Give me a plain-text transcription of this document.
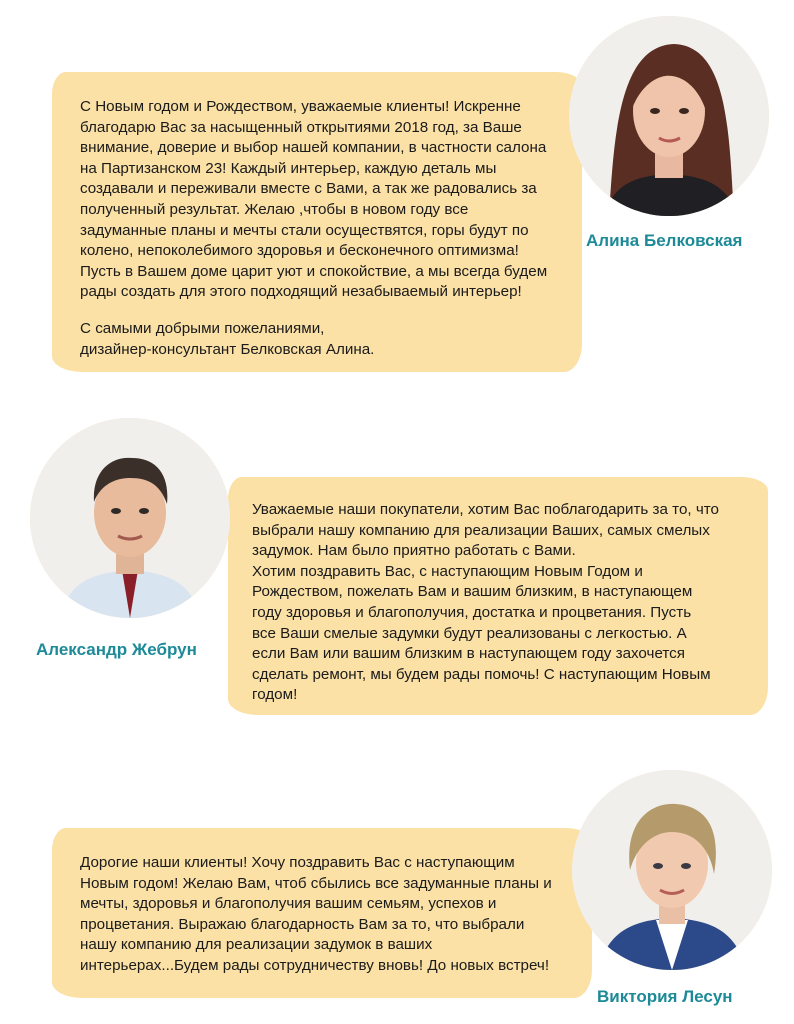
С Новым годом и Рождеством, уважаемые клиенты! Искренне
благодарю Вас за насыщенный открытиями 2018 год, за Ваше
внимание, доверие и выбор нашей компании, в частности салона
на Партизанском 23! Каждый интерьер, каждую деталь мы
создавали и переживали вместе с Вами, а так же радовались за
полученный результат. Желаю ,чтобы в новом году все
задуманные планы и мечты стали осуществятся, горы будут по
колено, непоколебимого здоровья и бесконечного оптимизма!
Пусть в Вашем доме царит уют и спокойствие, а мы всегда будем
рады создать для этого подходящий незабываемый интерьер!
С самыми добрыми пожеланиями,
дизайнер-консультант Белковская Алина.
Алина Белковская
Уважаемые наши покупатели, хотим Вас поблагодарить за то, что
выбрали нашу компанию для реализации Ваших, самых смелых
задумок. Нам было приятно работать с Вами.
Хотим поздравить Вас, с наступающим Новым Годом и
Рождеством, пожелать Вам и вашим близким, в наступающем
году здоровья и благополучия, достатка и процветания. Пусть
все Ваши смелые задумки будут реализованы с легкостью. А
если Вам или вашим близким в наступающем году захочется
сделать ремонт, мы будем рады помочь! С наступающим Новым
годом!
Александр Жебрун
Дорогие наши клиенты! Хочу поздравить Вас с наступающим
Новым годом! Желаю Вам, чтоб сбылись все задуманные планы и
мечты, здоровья и благополучия вашим семьям, успехов и
процветания. Выражаю благодарность Вам за то, что выбрали
нашу компанию для реализации задумок в ваших
интерьерах...Будем рады сотрудничеству вновь! До новых встреч!
Виктория Лесун
